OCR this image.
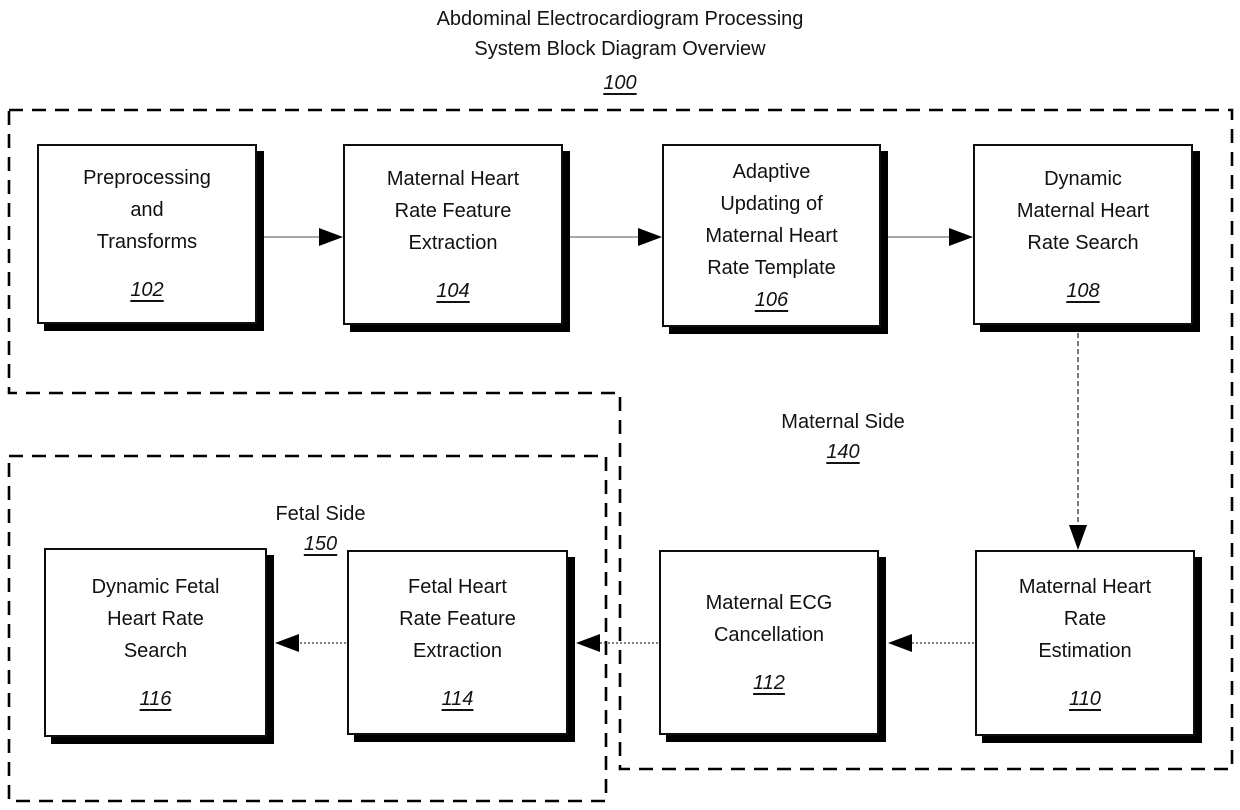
Abdominal Electrocardiogram Processing
System Block Diagram Overview
100
Maternal Side
140
Fetal Side
150
Preprocessing
and
Transforms
102
Maternal Heart
Rate Feature
Extraction
104
Adaptive
Updating of
Maternal Heart
Rate Template
106
Dynamic
Maternal Heart
Rate Search
108
Maternal Heart
Rate
Estimation
110
Maternal ECG
Cancellation
112
Fetal Heart
Rate Feature
Extraction
114
Dynamic Fetal
Heart Rate
Search
116
